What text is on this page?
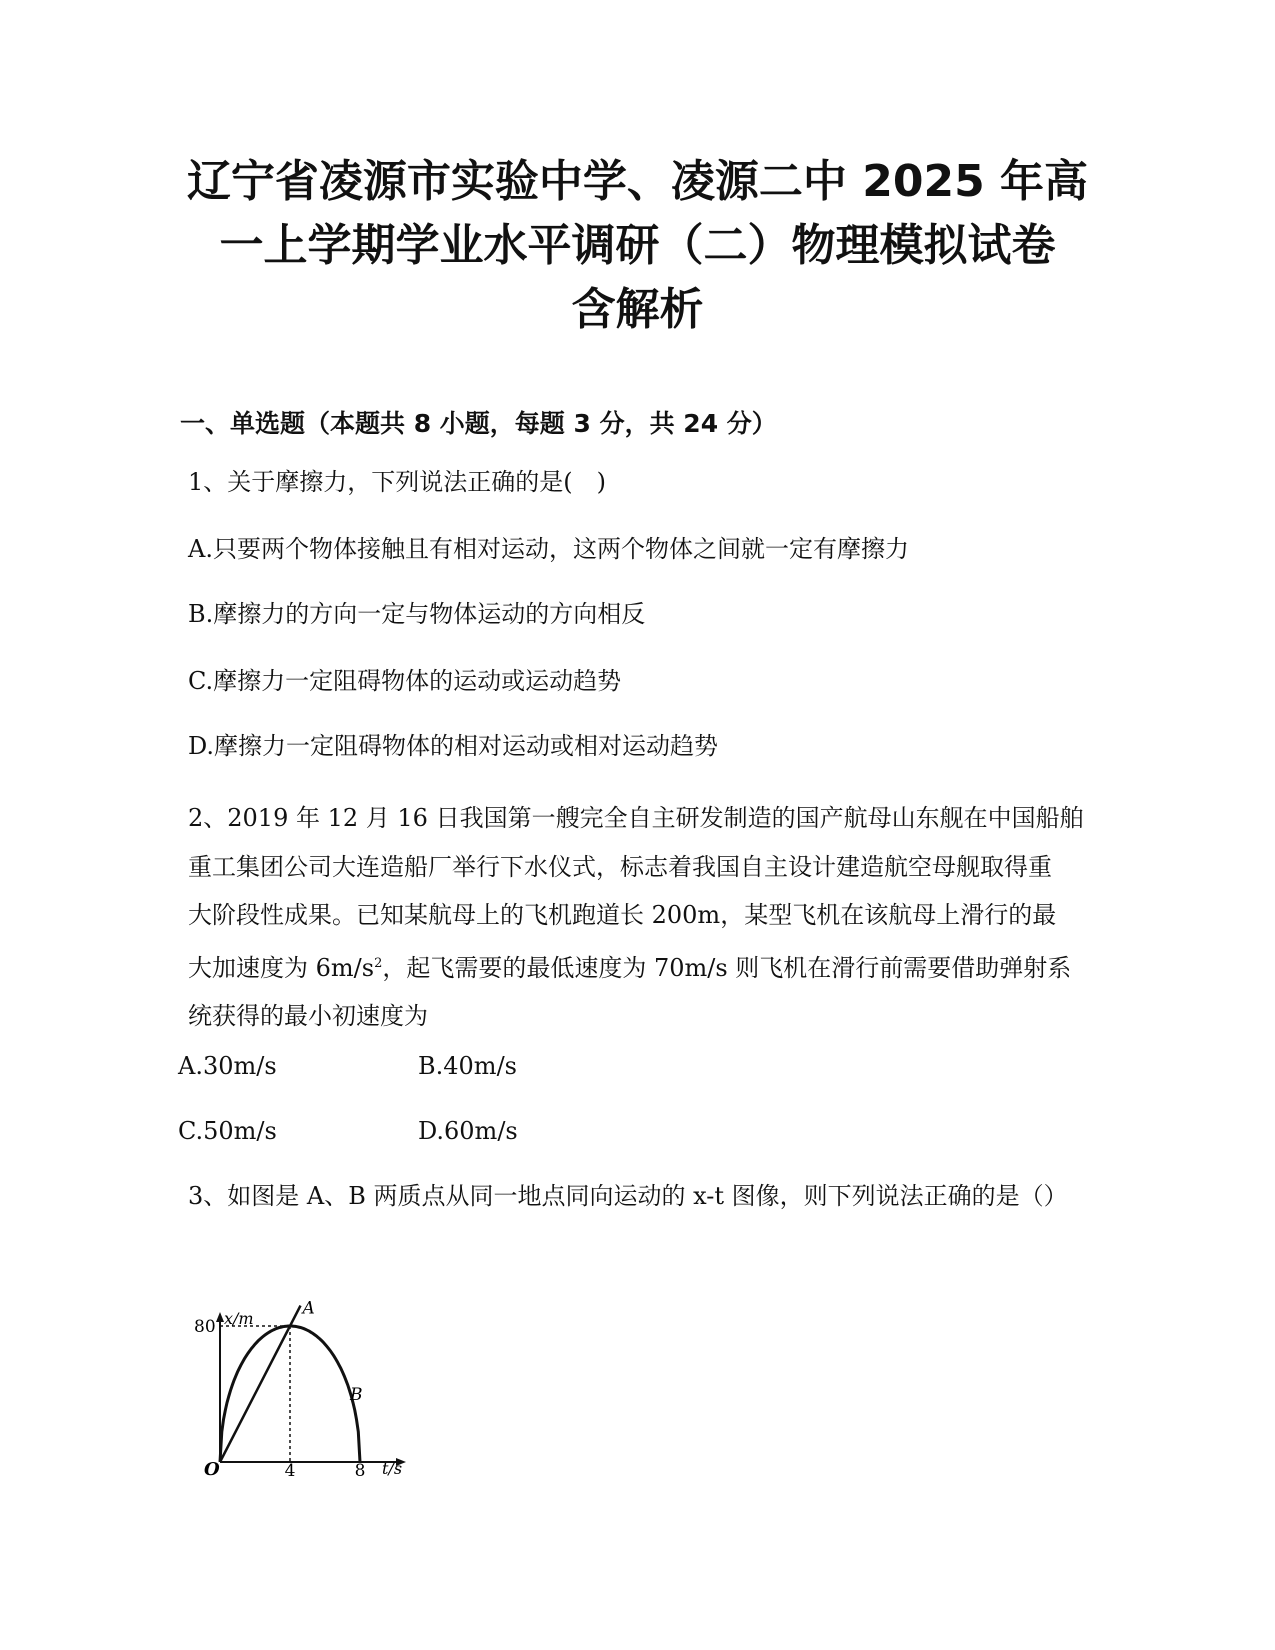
辽宁省凌源市实验中学、凌源二中 2025 年高
一上学期学业水平调研（二）物理模拟试卷
含解析
一、单选题（本题共 8 小题，每题 3 分，共 24 分）
1、关于摩擦力，下列说法正确的是(　)
A.只要两个物体接触且有相对运动，这两个物体之间就一定有摩擦力
B.摩擦力的方向一定与物体运动的方向相反
C.摩擦力一定阻碍物体的运动或运动趋势
D.摩擦力一定阻碍物体的相对运动或相对运动趋势
2、2019 年 12 月 16 日我国第一艘完全自主研发制造的国产航母山东舰在中国船舶
重工集团公司大连造船厂举行下水仪式，标志着我国自主设计建造航空母舰取得重
大阶段性成果。已知某航母上的飞机跑道长 200m，某型飞机在该航母上滑行的最
大加速度为 $6m/s^2$，起飞需要的最低速度为 70m/s 则飞机在滑行前需要借助弹射系
统获得的最小初速度为
A.30m/s	B.40m/s
C.50m/s	D.60m/s
3、如图是 A、B 两质点从同一地点同向运动的 x-t 图像，则下列说法正确的是（）
x/m
t/s
O
80
4	8
A
B
